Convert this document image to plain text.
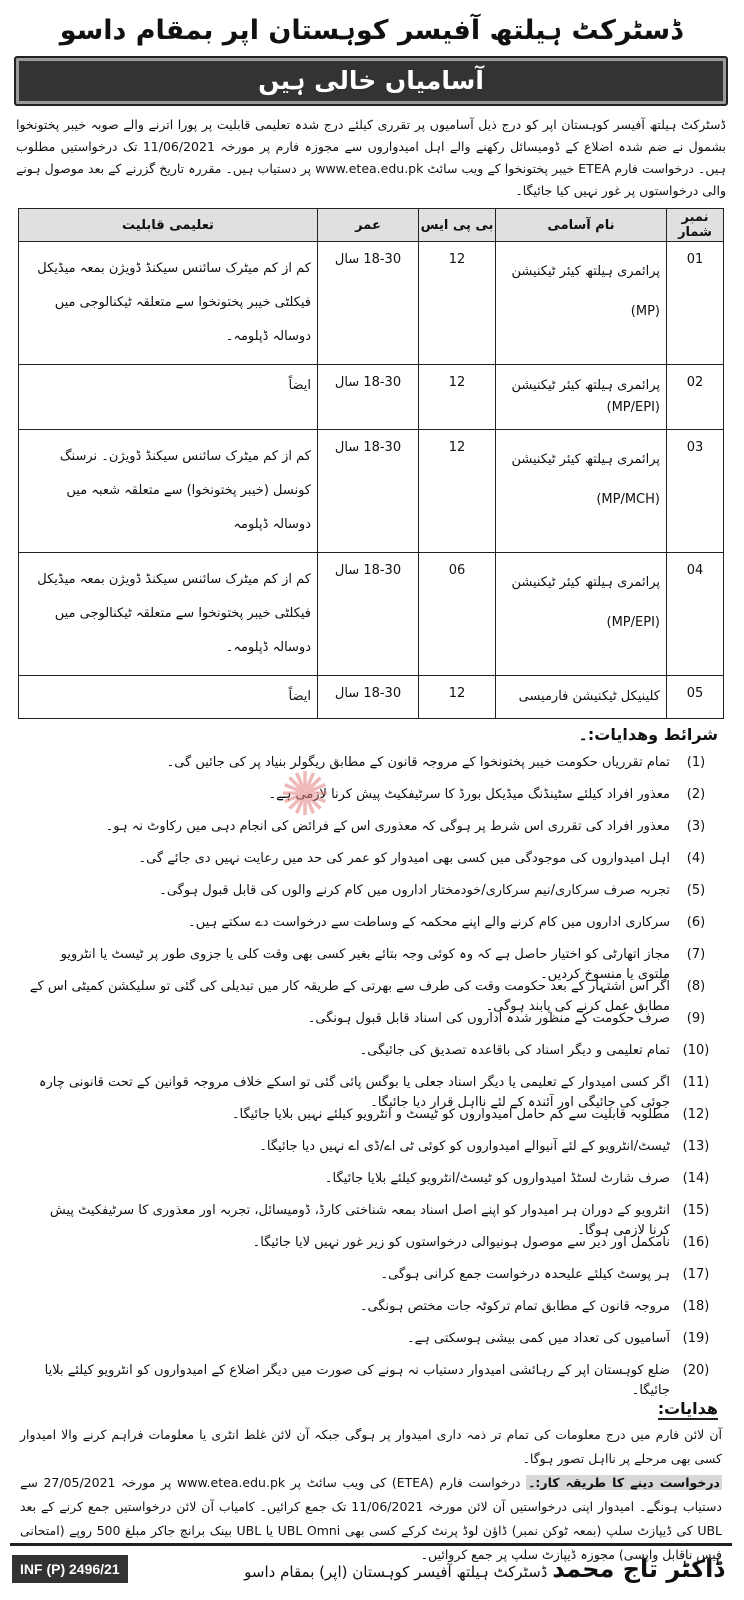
ڈسٹرکٹ ہیلتھ آفیسر کوہستان اپر بمقام داسو
آسامیاں خالی ہیں
ڈسٹرکٹ ہیلتھ آفیسر کوہستان اپر کو درج ذیل آسامیوں پر تقرری کیلئے درج شدہ تعلیمی قابلیت پر پورا اترنے والے صوبہ خیبر پختونخوا بشمول نے ضم شدہ اضلاع کے ڈومیسائل رکھنے والے اہل امیدواروں سے مجوزہ فارم پر مورخہ 11/06/2021 تک درخواستیں مطلوب ہیں۔ درخواست فارم ETEA خیبر پختونخوا کے ویب سائٹ www.etea.edu.pk پر دستیاب ہیں۔ مقررہ تاریخ گزرنے کے بعد موصول ہونے والی درخواستوں پر غور نہیں کیا جائیگا۔
نمبر شمار	نام آسامی	بی پی ایس	عمر	تعلیمی قابلیت
01	پرائمری ہیلتھ کیئر ٹیکنیشن (MP)	12	18-30 سال	کم از کم میٹرک سائنس سیکنڈ ڈویژن بمعہ میڈیکل فیکلٹی خیبر پختونخوا سے متعلقہ ٹیکنالوجی میں دوسالہ ڈپلومہ۔
02	پرائمری ہیلتھ کیئر ٹیکنیشن (MP/EPI)	12	18-30 سال	ایضاً
03	پرائمری ہیلتھ کیئر ٹیکنیشن (MP/MCH)	12	18-30 سال	کم از کم میٹرک سائنس سیکنڈ ڈویژن۔ نرسنگ کونسل (خیبر پختونخوا) سے متعلقہ شعبہ میں دوسالہ ڈپلومہ
04	پرائمری ہیلتھ کیئر ٹیکنیشن (MP/EPI)	06	18-30 سال	کم از کم میٹرک سائنس سیکنڈ ڈویژن بمعہ میڈیکل فیکلٹی خیبر پختونخوا سے متعلقہ ٹیکنالوجی میں دوسالہ ڈپلومہ۔
05	کلینیکل ٹیکنیشن فارمیسی	12	18-30 سال	ایضاً
شرائط وھدایات:۔
(1)
تمام تقرریاں حکومت خیبر پختونخوا کے مروجہ قانون کے مطابق ریگولر بنیاد پر کی جائیں گی۔
(2)
معذور افراد کیلئے سٹینڈنگ میڈیکل بورڈ کا سرٹیفکیٹ پیش کرنا لازمی ہے۔
(3)
معذور افراد کی تقرری اس شرط پر ہوگی کہ معذوری اس کے فرائض کی انجام دہی میں رکاوٹ نہ ہو۔
(4)
اہل امیدواروں کی موجودگی میں کسی بھی امیدوار کو عمر کی حد میں رعایت نہیں دی جائے گی۔
(5)
تجربہ صرف سرکاری/نیم سرکاری/خودمختار اداروں میں کام کرنے والوں کی قابل قبول ہوگی۔
(6)
سرکاری اداروں میں کام کرنے والے اپنے محکمہ کے وساطت سے درخواست دے سکتے ہیں۔
(7)
مجاز اتھارٹی کو اختیار حاصل ہے کہ وہ کوئی وجہ بتائے بغیر کسی بھی وقت کلی یا جزوی طور پر ٹیسٹ یا انٹرویو ملتوی یا منسوخ کردیں۔
(8)
اگر اس اشتہار کے بعد حکومت وقت کی طرف سے بھرتی کے طریقہ کار میں تبدیلی کی گئی تو سلیکشن کمیٹی اس کے مطابق عمل کرنے کی پابند ہوگی۔
(9)
صرف حکومت کے منظور شدہ اداروں کی اسناد قابل قبول ہونگی۔
(10)
تمام تعلیمی و دیگر اسناد کی باقاعدہ تصدیق کی جائیگی۔
(11)
اگر کسی امیدوار کے تعلیمی یا دیگر اسناد جعلی یا بوگس پائی گئی تو اسکے خلاف مروجہ قوانین کے تحت قانونی چارہ جوئی کی جائیگی اور آئندہ کے لئے نااہل قرار دیا جائیگا۔
(12)
مطلوبہ قابلیت سے کم حامل امیدواروں کو ٹیسٹ و انٹرویو کیلئے نہیں بلایا جائیگا۔
(13)
ٹیسٹ/انٹرویو کے لئے آنیوالے امیدواروں کو کوئی ٹی اے/ڈی اے نہیں دیا جائیگا۔
(14)
صرف شارٹ لسٹڈ امیدواروں کو ٹیسٹ/انٹرویو کیلئے بلایا جائیگا۔
(15)
انٹرویو کے دوران ہر امیدوار کو اپنے اصل اسناد بمعہ شناختی کارڈ، ڈومیسائل، تجربہ اور معذوری کا سرٹیفکیٹ پیش کرنا لازمی ہوگا۔
(16)
نامکمل اور دیر سے موصول ہونیوالی درخواستوں کو زیر غور نہیں لایا جائیگا۔
(17)
ہر پوسٹ کیلئے علیحدہ درخواست جمع کرانی ہوگی۔
(18)
مروجہ قانون کے مطابق تمام ترکوٹہ جات مختص ہونگی۔
(19)
آسامیوں کی تعداد میں کمی بیشی ہوسکتی ہے۔
(20)
ضلع کوہستان اپر کے رہائشی امیدوار دستیاب نہ ہونے کی صورت میں دیگر اضلاع کے امیدواروں کو انٹرویو کیلئے بلایا جائیگا۔
ھدایات:
آن لائن فارم میں درج معلومات کی تمام تر ذمہ داری امیدوار پر ہوگی جبکہ آن لائن غلط انٹری یا معلومات فراہم کرنے والا امیدوار کسی بھی مرحلے پر نااہل تصور ہوگا۔
درخواست دینے کا طریقہ کار:۔ درخواست فارم (ETEA) کی ویب سائٹ پر www.etea.edu.pk پر مورخہ 27/05/2021 سے دستیاب ہونگے۔ امیدوار اپنی درخواستیں آن لائن مورخہ 11/06/2021 تک جمع کرائیں۔ کامیاب آن لائن درخواستیں جمع کرنے کے بعد UBL کی ڈیپازٹ سلپ (بمعہ ٹوکن نمبر) ڈاؤن لوڈ پرنٹ کرکے کسی بھی UBL Omni یا UBL بینک برانچ جاکر مبلغ 500 روپے (امتحانی فیس ناقابل واپسی) مجوزہ ڈیپازٹ سلپ پر جمع کروائیں۔
INF (P) 2496/21	ڈاکٹر تاج محمد ڈسٹرکٹ ہیلتھ آفیسر کوہستان (اپر) بمقام داسو
✺
